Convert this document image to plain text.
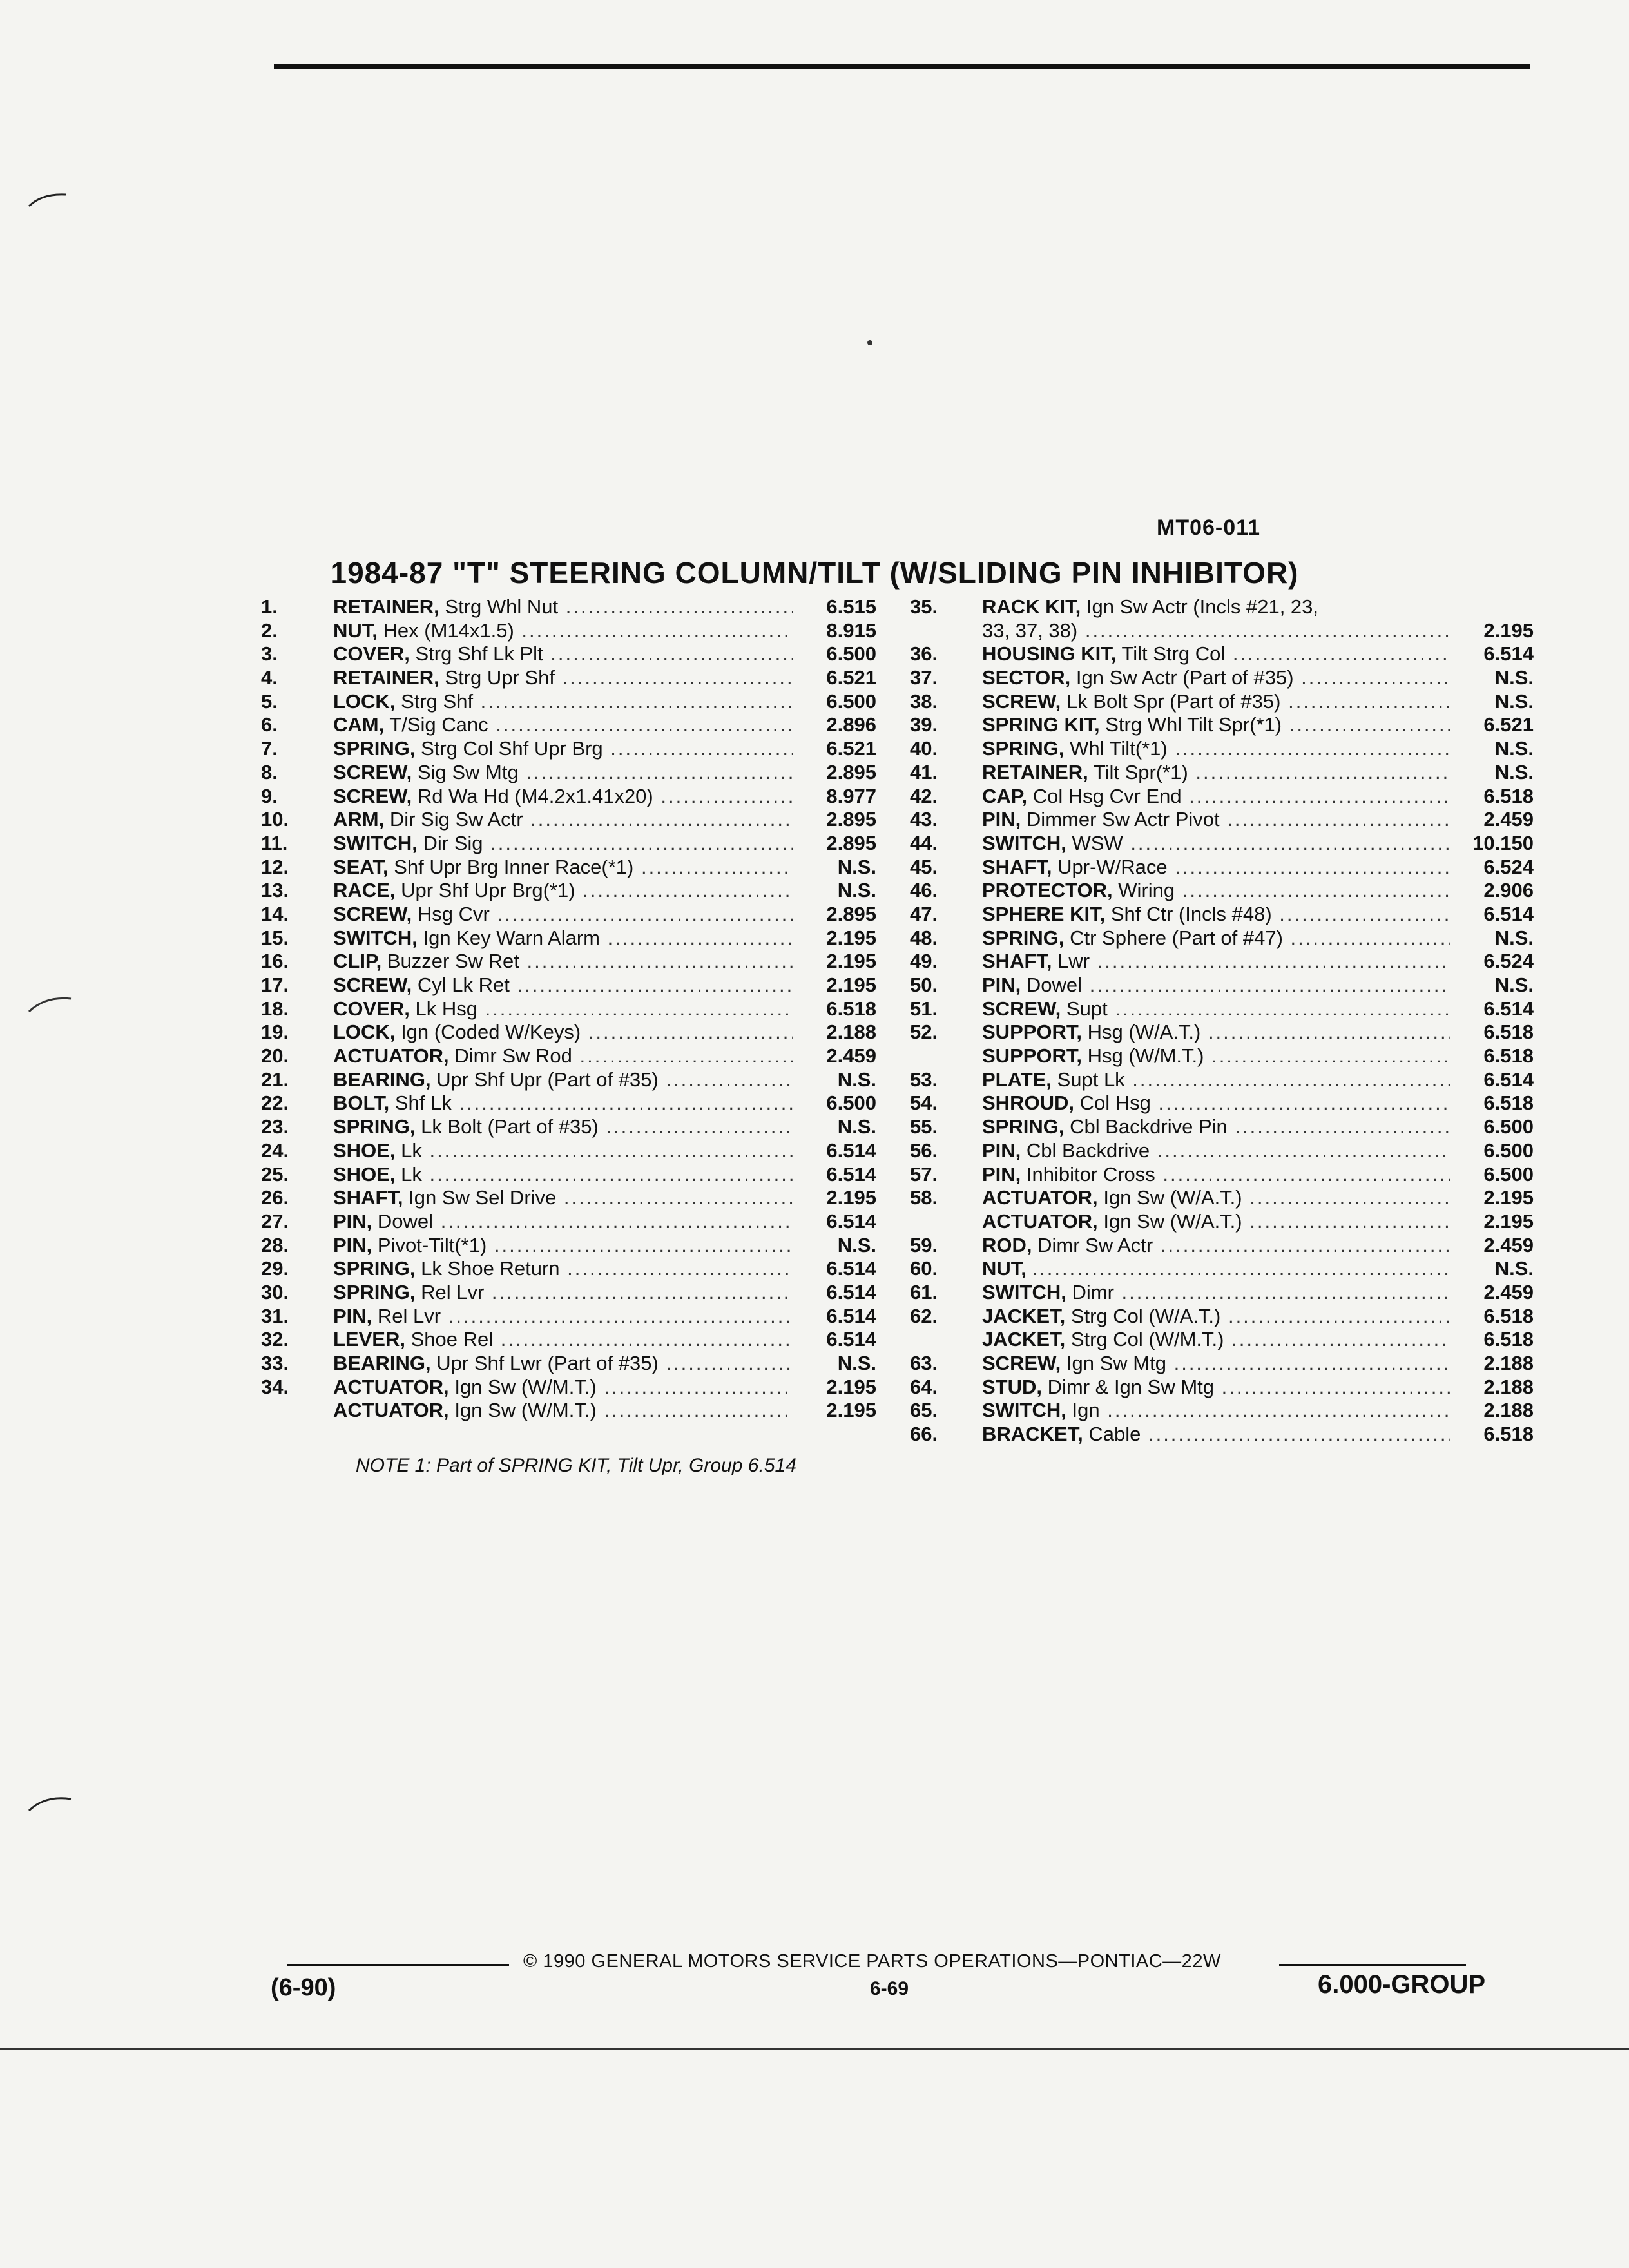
MT06-011
1984-87 "T" STEERING COLUMN/TILT (W/SLIDING PIN INHIBITOR)
1.	RETAINER, Strg Whl Nut .....	6.515
2.	NUT, Hex (M14x1.5) .....	8.915
3.	COVER, Strg Shf Lk Plt .....	6.500
4.	RETAINER, Strg Upr Shf .....	6.521
5.	LOCK, Strg Shf .....	6.500
6.	CAM, T/Sig Canc .....	2.896
7.	SPRING, Strg Col Shf Upr Brg .....	6.521
8.	SCREW, Sig Sw Mtg .....	2.895
9.	SCREW, Rd Wa Hd (M4.2x1.41x20) .....	8.977
10.	ARM, Dir Sig Sw Actr .....	2.895
11.	SWITCH, Dir Sig .....	2.895
12.	SEAT, Shf Upr Brg Inner Race(*1) .....	N.S.
13.	RACE, Upr Shf Upr Brg(*1) .....	N.S.
14.	SCREW, Hsg Cvr .....	2.895
15.	SWITCH, Ign Key Warn Alarm .....	2.195
16.	CLIP, Buzzer Sw Ret .....	2.195
17.	SCREW, Cyl Lk Ret .....	2.195
18.	COVER, Lk Hsg .....	6.518
19.	LOCK, Ign (Coded W/Keys) .....	2.188
20.	ACTUATOR, Dimr Sw Rod .....	2.459
21.	BEARING, Upr Shf Upr (Part of #35) .....	N.S.
22.	BOLT, Shf Lk .....	6.500
23.	SPRING, Lk Bolt (Part of #35) .....	N.S.
24.	SHOE, Lk .....	6.514
25.	SHOE, Lk .....	6.514
26.	SHAFT, Ign Sw Sel Drive .....	2.195
27.	PIN, Dowel .....	6.514
28.	PIN, Pivot-Tilt(*1) .....	N.S.
29.	SPRING, Lk Shoe Return .....	6.514
30.	SPRING, Rel Lvr .....	6.514
31.	PIN, Rel Lvr .....	6.514
32.	LEVER, Shoe Rel .....	6.514
33.	BEARING, Upr Shf Lwr (Part of #35) .....	N.S.
34.	ACTUATOR, Ign Sw (W/M.T.) .....	2.195
ACTUATOR, Ign Sw (W/M.T.) .....	2.195
35.	RACK KIT, Ign Sw Actr (Incls #21, 23,
33, 37, 38) .....	2.195
36.	HOUSING KIT, Tilt Strg Col .....	6.514
37.	SECTOR, Ign Sw Actr (Part of #35) .....	N.S.
38.	SCREW, Lk Bolt Spr (Part of #35) .....	N.S.
39.	SPRING KIT, Strg Whl Tilt Spr(*1) .....	6.521
40.	SPRING, Whl Tilt(*1) .....	N.S.
41.	RETAINER, Tilt Spr(*1) .....	N.S.
42.	CAP, Col Hsg Cvr End .....	6.518
43.	PIN, Dimmer Sw Actr Pivot .....	2.459
44.	SWITCH, WSW .....	10.150
45.	SHAFT, Upr-W/Race .....	6.524
46.	PROTECTOR, Wiring .....	2.906
47.	SPHERE KIT, Shf Ctr (Incls #48) .....	6.514
48.	SPRING, Ctr Sphere (Part of #47) .....	N.S.
49.	SHAFT, Lwr .....	6.524
50.	PIN, Dowel .....	N.S.
51.	SCREW, Supt .....	6.514
52.	SUPPORT, Hsg (W/A.T.) .....	6.518
SUPPORT, Hsg (W/M.T.) .....	6.518
53.	PLATE, Supt Lk .....	6.514
54.	SHROUD, Col Hsg .....	6.518
55.	SPRING, Cbl Backdrive Pin .....	6.500
56.	PIN, Cbl Backdrive .....	6.500
57.	PIN, Inhibitor Cross .....	6.500
58.	ACTUATOR, Ign Sw (W/A.T.) .....	2.195
ACTUATOR, Ign Sw (W/A.T.) .....	2.195
59.	ROD, Dimr Sw Actr .....	2.459
60.	NUT, .....	N.S.
61.	SWITCH, Dimr .....	2.459
62.	JACKET, Strg Col (W/A.T.) .....	6.518
JACKET, Strg Col (W/M.T.) .....	6.518
63.	SCREW, Ign Sw Mtg .....	2.188
64.	STUD, Dimr & Ign Sw Mtg .....	2.188
65.	SWITCH, Ign .....	2.188
66.	BRACKET, Cable .....	6.518
NOTE 1: Part of SPRING KIT, Tilt Upr, Group 6.514
© 1990 GENERAL MOTORS SERVICE PARTS OPERATIONS—PONTIAC—22W
(6-90)	6-69	6.000-GROUP
